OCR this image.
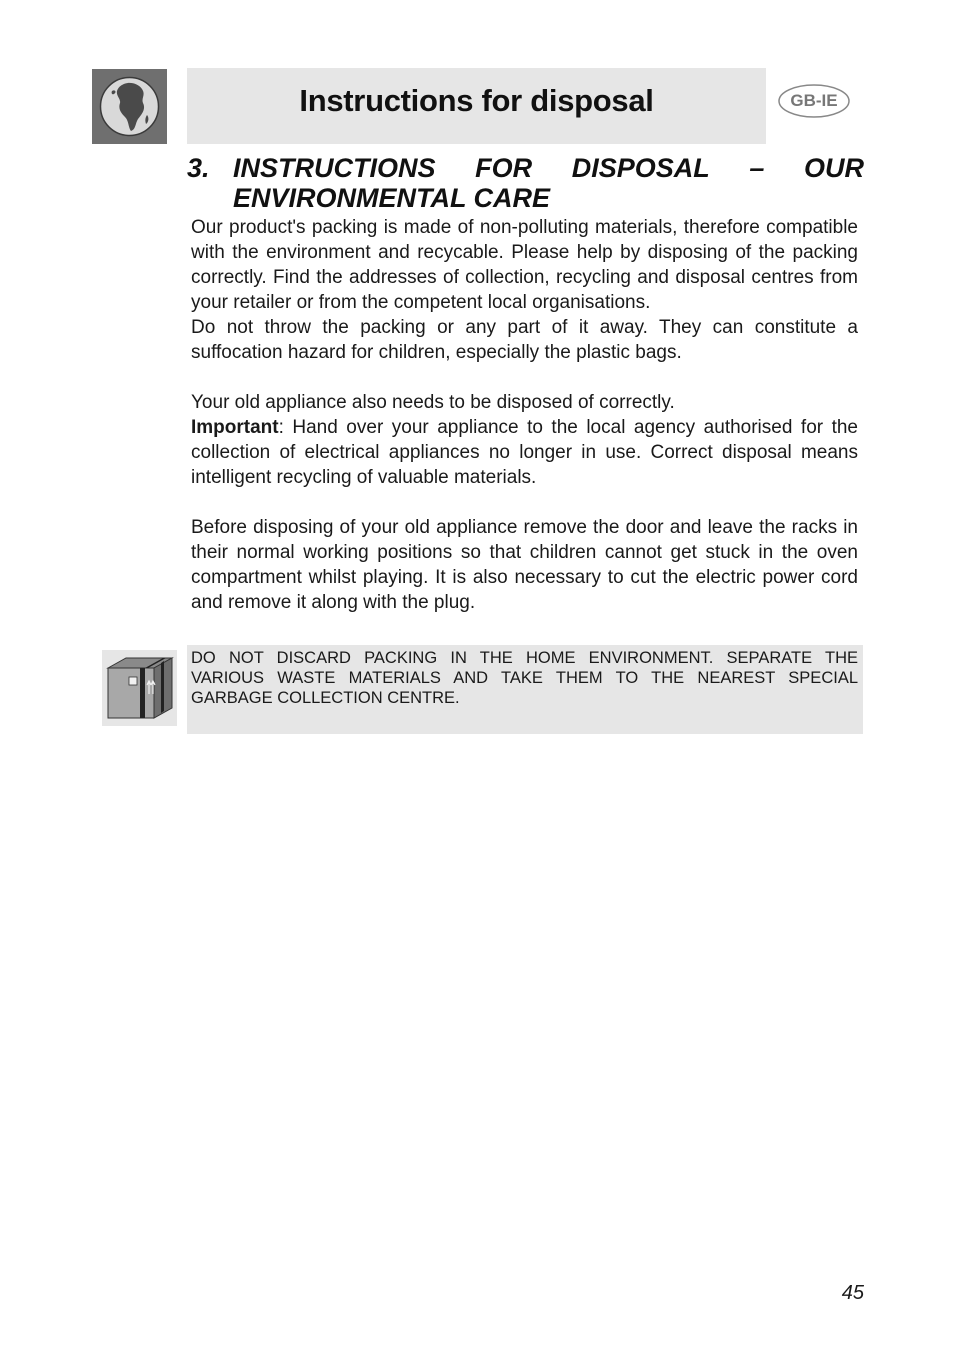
Instructions for disposal	GB-IE
3. INSTRUCTIONS FOR DISPOSAL – OUR
ENVIRONMENTAL CARE

Our product's packing is made of non-polluting materials, therefore compatible with the environment and recycable. Please help by disposing of the packing correctly. Find the addresses of collection, recycling and disposal centres from your retailer or from the competent local organisations.

Do not throw the packing or any part of it away. They can constitute a suffocation hazard for children, especially the plastic bags.

Your old appliance also needs to be disposed of correctly.

Important: Hand over your appliance to the local agency authorised for the collection of electrical appliances no longer in use. Correct disposal means intelligent recycling of valuable materials.

Before disposing of your old appliance remove the door and leave the racks in their normal working positions so that children cannot get stuck in the oven compartment whilst playing. It is also necessary to cut the electric power cord and remove it along with the plug.

DO NOT DISCARD PACKING IN THE HOME ENVIRONMENT. SEPARATE THE VARIOUS WASTE MATERIALS AND TAKE THEM TO THE NEAREST SPECIAL GARBAGE COLLECTION CENTRE.
45
